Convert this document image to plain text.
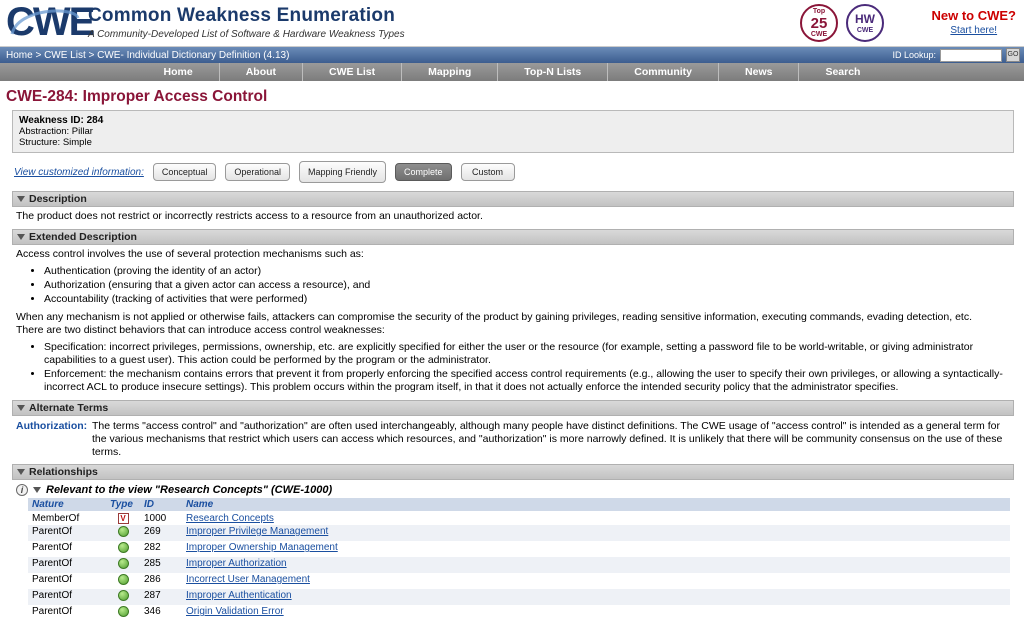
CWE
Common Weakness Enumeration
A Community-Developed List of Software & Hardware Weakness Types
Top
25
CWE
HW
CWE
New to CWE?
Start here!
Home > CWE List > CWE- Individual Dictionary Definition (4.13)	ID Lookup:	GO
Home	About	CWE List	Mapping	Top-N Lists	Community	News	Search
CWE-284: Improper Access Control
Weakness ID: 284
Abstraction: Pillar
Structure: Simple
View customized information:	Conceptual	Operational	Mapping Friendly	Complete	Custom
Description
The product does not restrict or incorrectly restricts access to a resource from an unauthorized actor.
Extended Description
Access control involves the use of several protection mechanisms such as:
• Authentication (proving the identity of an actor)
• Authorization (ensuring that a given actor can access a resource), and
• Accountability (tracking of activities that were performed)
When any mechanism is not applied or otherwise fails, attackers can compromise the security of the product by gaining privileges, reading sensitive information, executing commands, evading detection, etc.
There are two distinct behaviors that can introduce access control weaknesses:
• Specification: incorrect privileges, permissions, ownership, etc. are explicitly specified for either the user or the resource (for example, setting a password file to be world-writable, or giving administrator capabilities to a guest user). This action could be performed by the program or the administrator.
• Enforcement: the mechanism contains errors that prevent it from properly enforcing the specified access control requirements (e.g., allowing the user to specify their own privileges, or allowing a syntactically-incorrect ACL to produce insecure settings). This problem occurs within the program itself, in that it does not actually enforce the intended security policy that the administrator specifies.
Alternate Terms
Authorization: The terms "access control" and "authorization" are often used interchangeably, although many people have distinct definitions. The CWE usage of "access control" is intended as a general term for the various mechanisms that restrict which users can access which resources, and "authorization" is more narrowly defined. It is unlikely that there will be community consensus on the use of these terms.
Relationships
i	Relevant to the view "Research Concepts" (CWE-1000)
Nature	Type	ID	Name
MemberOf	V	1000	Research Concepts
ParentOf		269	Improper Privilege Management
ParentOf		282	Improper Ownership Management
ParentOf		285	Improper Authorization
ParentOf		286	Incorrect User Management
ParentOf		287	Improper Authentication
ParentOf		346	Origin Validation Error
